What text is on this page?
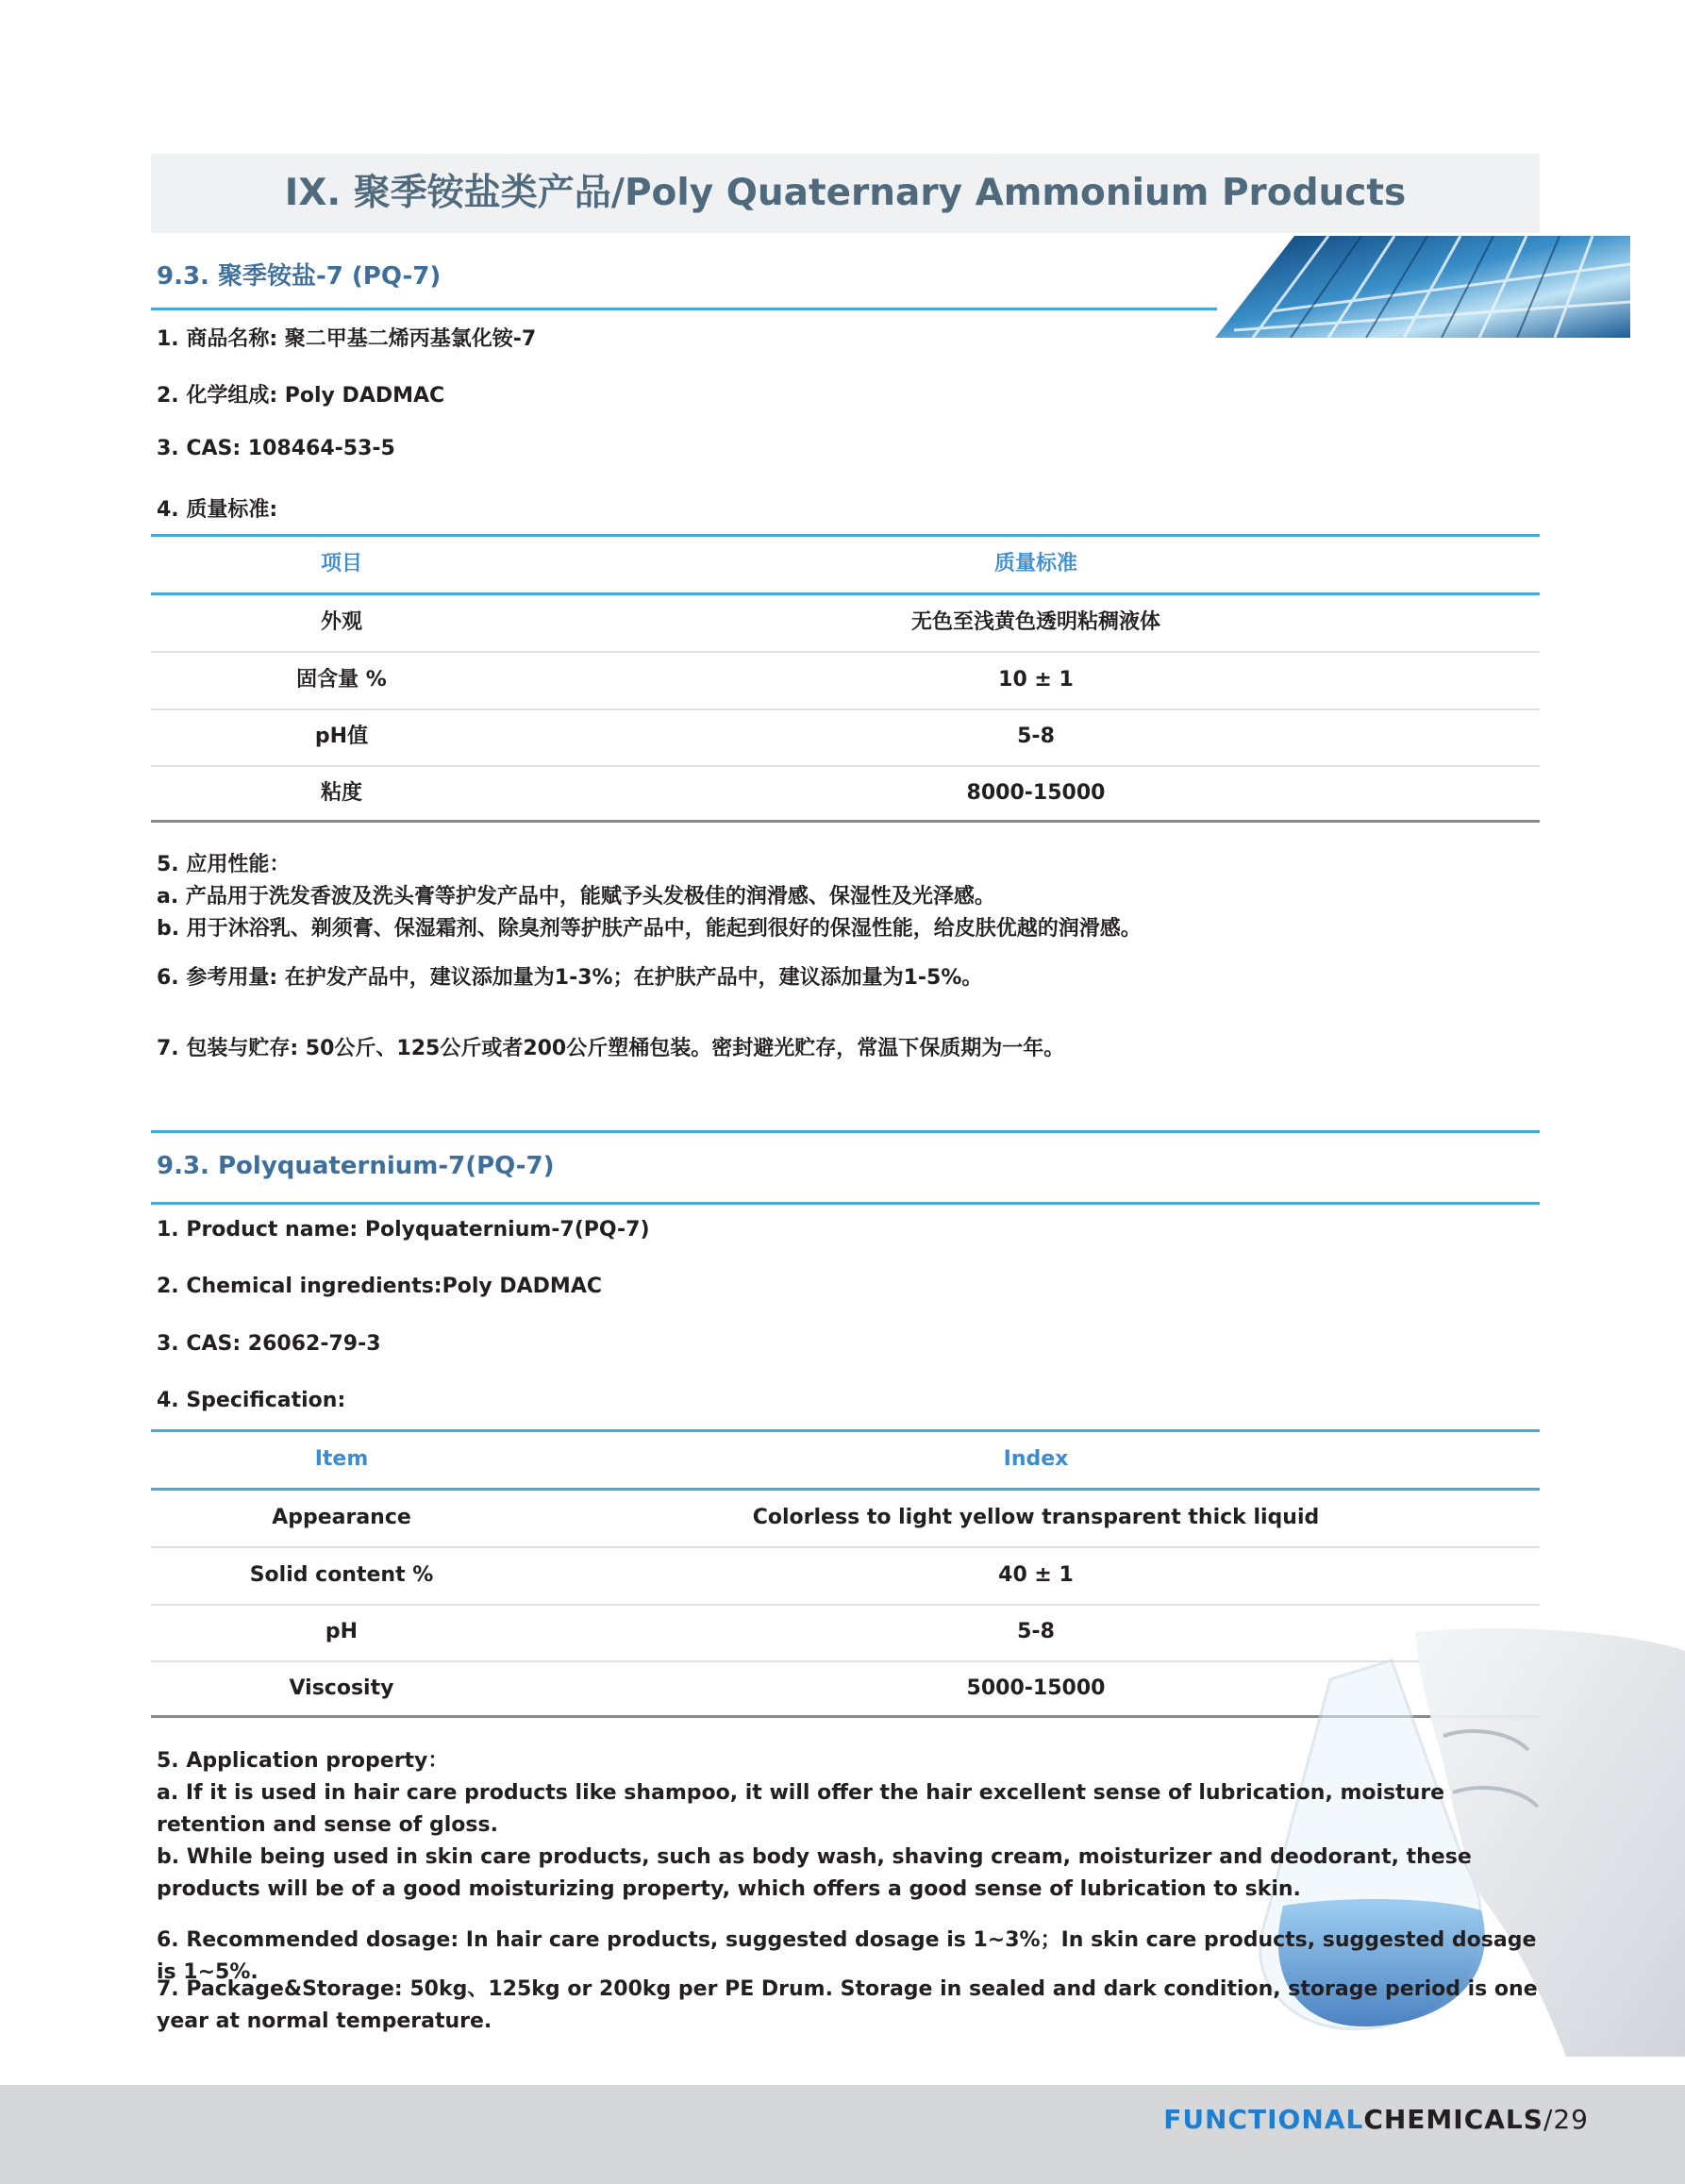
IX. 聚季铵盐类产品/Poly Quaternary Ammonium Products
9.3. 聚季铵盐-7 (PQ-7)
1. 商品名称: 聚二甲基二烯丙基氯化铵-7
2. 化学组成: Poly DADMAC
3. CAS: 108464-53-5
4. 质量标准:
项目	质量标准
外观	无色至浅黄色透明粘稠液体
固含量 %	10 ± 1
pH值	5-8
粘度	8000-15000

5. 应用性能：

a. 产品用于洗发香波及洗头膏等护发产品中，能赋予头发极佳的润滑感、保湿性及光泽感。

b. 用于沐浴乳、剃须膏、保湿霜剂、除臭剂等护肤产品中，能起到很好的保湿性能，给皮肤优越的润滑感。

6. 参考用量: 在护发产品中，建议添加量为1-3%；在护肤产品中，建议添加量为1-5%。
7. 包装与贮存: 50公斤、125公斤或者200公斤塑桶包装。密封避光贮存，常温下保质期为一年。
9.3. Polyquaternium-7(PQ-7)
1. Product name: Polyquaternium-7(PQ-7)
2. Chemical ingredients:Poly DADMAC
3. CAS: 26062-79-3
4. Specification:
Item	Index
Appearance	Colorless to light yellow transparent thick liquid
Solid content %	40 ± 1
pH	5-8
Viscosity	5000-15000

5. Application property：

a. If it is used in hair care products like shampoo, it will offer the hair excellent sense of lubrication, moisture retention and sense of gloss.

b. While being used in skin care products, such as body wash, shaving cream, moisturizer and deodorant, these products will be of a good moisturizing property, which offers a good sense of lubrication to skin.

6. Recommended dosage: In hair care products, suggested dosage is 1~3%；In skin care products, suggested dosage is 1~5%.
7. Package&Storage: 50kg、125kg or 200kg per PE Drum. Storage in sealed and dark condition, storage period is one year at normal temperature.
FUNCTIONALCHEMICALS/29
